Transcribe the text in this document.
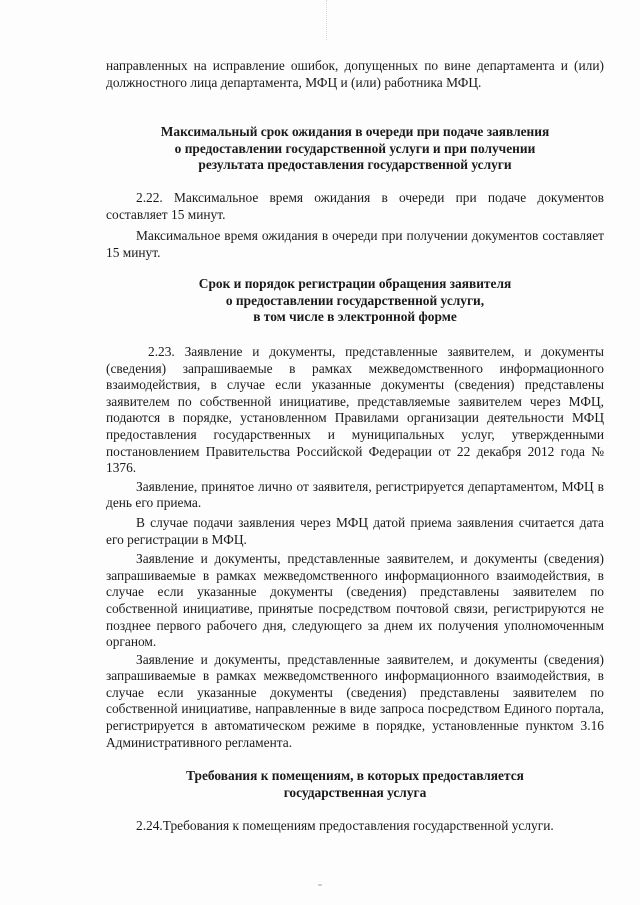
направленных на исправление ошибок, допущенных по вине департамента и (или) должностного лица департамента, МФЦ и (или) работника МФЦ.

Максимальный срок ожидания в очереди при подаче заявления
о предоставлении государственной услуги и при получении
результата предоставления государственной услуги

2.22. Максимальное время ожидания в очереди при подаче документов составляет 15 минут.

Максимальное время ожидания в очереди при получении документов составляет 15 минут.

Срок и порядок регистрации обращения заявителя
о предоставлении государственной услуги,
в том числе в электронной форме

2.23. Заявление и документы, представленные заявителем, и документы (сведения) запрашиваемые в рамках межведомственного информационного взаимодействия, в случае если указанные документы (сведения) представлены заявителем по собственной инициативе, представляемые заявителем через МФЦ, подаются в порядке, установленном Правилами организации деятельности МФЦ предоставления государственных и муниципальных услуг, утвержденными постановлением Правительства Российской Федерации от 22 декабря 2012 года № 1376.

Заявление, принятое лично от заявителя, регистрируется департаментом, МФЦ в день его приема.

В случае подачи заявления через МФЦ датой приема заявления считается дата его регистрации в МФЦ.

Заявление и документы, представленные заявителем, и документы (сведения) запрашиваемые в рамках межведомственного информационного взаимодействия, в случае если указанные документы (сведения) представлены заявителем по собственной инициативе, принятые посредством почтовой связи, регистрируются не позднее первого рабочего дня, следующего за днем их получения уполномоченным органом.

Заявление и документы, представленные заявителем, и документы (сведения) запрашиваемые в рамках межведомственного информационного взаимодействия, в случае если указанные документы (сведения) представлены заявителем по собственной инициативе, направленные в виде запроса посредством Единого портала, регистрируется в автоматическом режиме в порядке, установленные пунктом 3.16 Административного регламента.

Требования к помещениям, в которых предоставляется
государственная услуга

2.24.Требования к помещениям предоставления государственной услуги.
